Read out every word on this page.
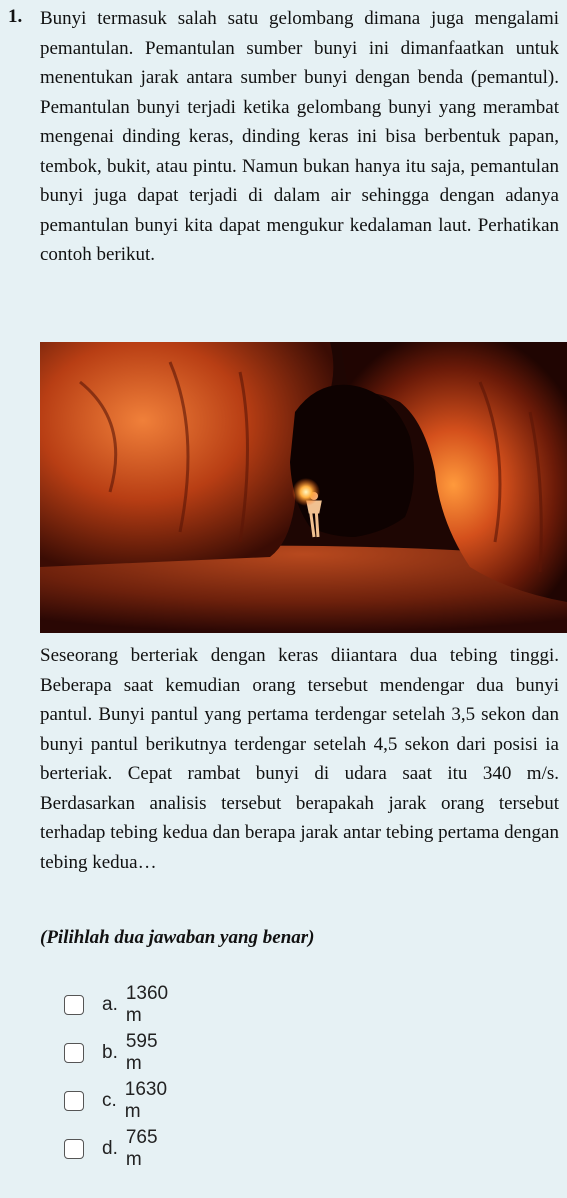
1. Bunyi termasuk salah satu gelombang dimana juga mengalami pemantulan. Pemantulan sumber bunyi ini dimanfaatkan untuk menentukan jarak antara sumber bunyi dengan benda (pemantul). Pemantulan bunyi terjadi ketika gelombang bunyi yang merambat mengenai dinding keras, dinding keras ini bisa berbentuk papan, tembok, bukit, atau pintu. Namun bukan hanya itu saja, pemantulan bunyi juga dapat terjadi di dalam air sehingga dengan adanya pemantulan bunyi kita dapat mengukur kedalaman laut. Perhatikan contoh berikut.

Seseorang berteriak dengan keras diiantara dua tebing tinggi. Beberapa saat kemudian orang tersebut mendengar dua bunyi pantul. Bunyi pantul yang pertama terdengar setelah 3,5 sekon dan bunyi pantul berikutnya terdengar setelah 4,5 sekon dari posisi ia berteriak. Cepat rambat bunyi di udara saat itu 340 m/s. Berdasarkan analisis tersebut berapakah jarak orang tersebut terhadap tebing kedua dan berapa jarak antar tebing pertama dengan tebing kedua…

(Pilihlah dua jawaban yang benar)
a.
1360 m
b.
595 m
c.
1630 m
d.
765 m
